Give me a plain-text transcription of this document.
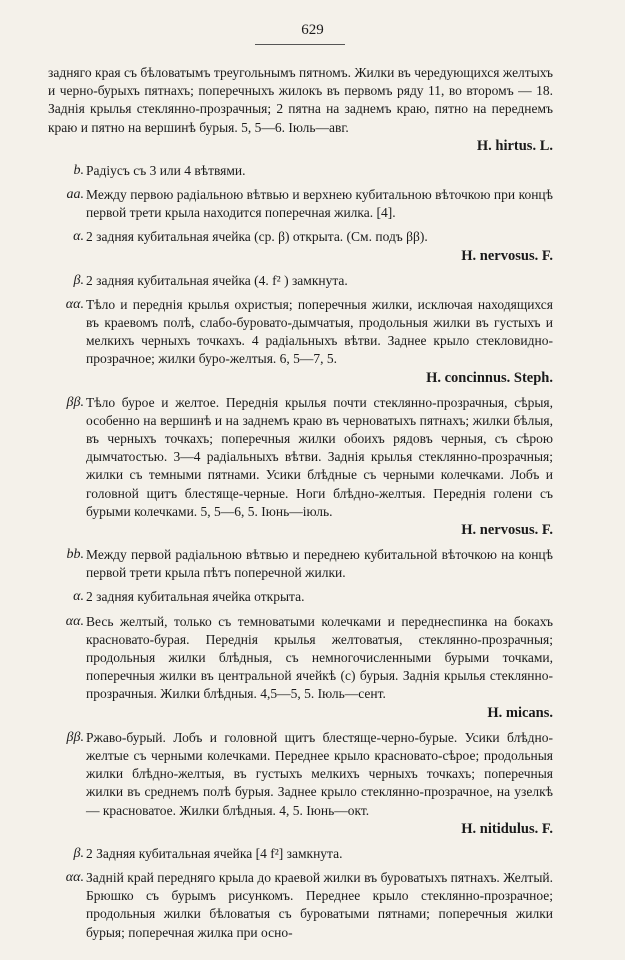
629
задняго края съ бѣловатымъ треугольнымъ пятномъ. Жилки въ чередующихся желтыхъ и черно-бурыхъ пятнахъ; поперечныхъ жилокъ въ первомъ ряду 11, во второмъ — 18. Заднія крылья стеклянно-прозрачныя; 2 пятна на заднемъ краю, пятно на переднемъ краю и пятно на вершинѣ бурыя. 5, 5—6. Іюль—авг.
H. hirtus. L.
b. Радіусъ съ 3 или 4 вѣтвями.
aa. Между первою радіальною вѣтвью и верхнею кубитальною вѣточкою при концѣ первой трети крыла находится поперечная жилка. [4].
α. 2 задняя кубитальная ячейка (ср. β) открыта. (См. подъ ββ).
H. nervosus. F.
β. 2 задняя кубитальная ячейка (4. f² ) замкнута.
αα. Тѣло и переднія крылья охристыя; поперечныя жилки, исключая находящихся въ краевомъ полѣ, слабо-буровато-дымчатыя, продольныя жилки въ густыхъ и мелкихъ черныхъ точкахъ. 4 радіальныхъ вѣтви. Заднее крыло стекловидно-прозрачное; жилки буро-желтыя. 6, 5—7, 5.
H. concinnus. Steph.
ββ. Тѣло бурое и желтое. Переднія крылья почти стеклянно-прозрачныя, сѣрыя, особенно на вершинѣ и на заднемъ краю въ черноватыхъ пятнахъ; жилки бѣлыя, въ черныхъ точкахъ; поперечныя жилки обоихъ рядовъ черныя, съ сѣрою дымчатостью. 3—4 радіальныхъ вѣтви. Заднія крылья стеклянно-прозрачныя; жилки съ темными пятнами. Усики блѣдные съ черными колечками. Лобъ и головной щитъ блестяще-черные. Ноги блѣдно-желтыя. Переднія голени съ бурыми колечками. 5, 5—6, 5. Іюнь—іюль.
H. nervosus. F.
bb. Между первой радіальною вѣтвью и переднею кубитальной вѣточкою на концѣ первой трети крыла пѣтъ поперечной жилки.
α. 2 задняя кубитальная ячейка открыта.
αα. Весь желтый, только съ темноватыми колечками и переднеспинка на бокахъ красновато-бурая. Переднія крылья желтоватыя, стеклянно-прозрачныя; продольныя жилки блѣдныя, съ немногочисленными бурыми точками, поперечныя жилки въ центральной ячейкѣ (с) бурыя. Заднія крылья стеклянно-прозрачныя. Жилки блѣдныя. 4,5—5, 5. Іюль—сент.
H. micans.
ββ. Ржаво-бурый. Лобъ и головной щитъ блестяще-черно-бурые. Усики блѣдно-желтые съ черными колечками. Переднее крыло красновато-сѣрое; продольныя жилки блѣдно-желтыя, въ густыхъ мелкихъ черныхъ точкахъ; поперечныя жилки въ среднемъ полѣ бурыя. Заднее крыло стеклянно-прозрачное, на узелкѣ — красноватое. Жилки блѣдныя. 4, 5. Іюнь—окт.
H. nitidulus. F.
β. 2 Задняя кубитальная ячейка [4 f²] замкнута.
αα. Задній край передняго крыла до краевой жилки въ буроватыхъ пятнахъ. Желтый. Брюшко съ бурымъ рисункомъ. Переднее крыло стеклянно-прозрачное; продольныя жилки бѣловатыя съ буроватыми пятнами; поперечныя жилки бурыя; поперечная жилка при осно-
